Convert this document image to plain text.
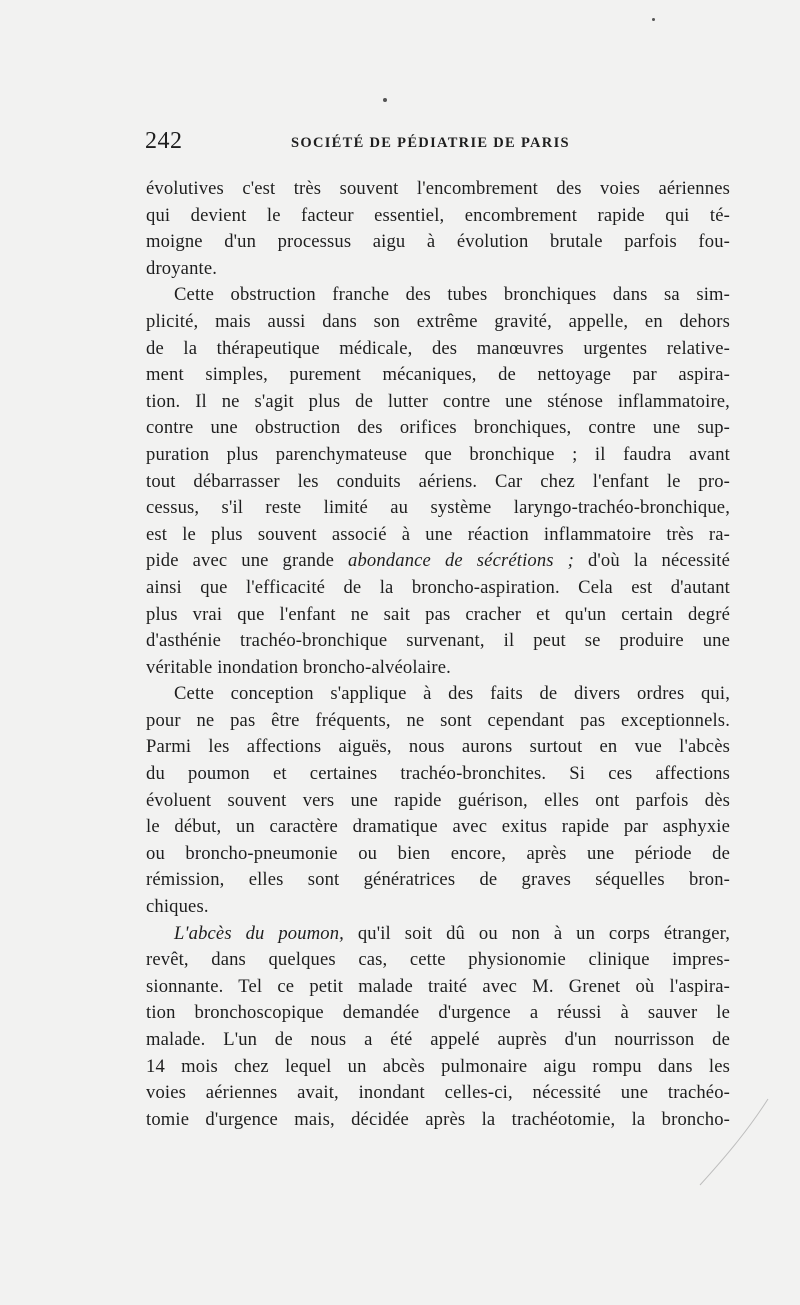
242	SOCIÉTÉ DE PÉDIATRIE DE PARIS
évolutives c'est très souvent l'encombrement des voies aériennes
qui devient le facteur essentiel, encombrement rapide qui té-
moigne d'un processus aigu à évolution brutale parfois fou-
droyante.
Cette obstruction franche des tubes bronchiques dans sa sim-
plicité, mais aussi dans son extrême gravité, appelle, en dehors
de la thérapeutique médicale, des manœuvres urgentes relative-
ment simples, purement mécaniques, de nettoyage par aspira-
tion. Il ne s'agit plus de lutter contre une sténose inflammatoire,
contre une obstruction des orifices bronchiques, contre une sup-
puration plus parenchymateuse que bronchique ; il faudra avant
tout débarrasser les conduits aériens. Car chez l'enfant le pro-
cessus, s'il reste limité au système laryngo-trachéo-bronchique,
est le plus souvent associé à une réaction inflammatoire très ra-
pide avec une grande abondance de sécrétions ; d'où la nécessité
ainsi que l'efficacité de la broncho-aspiration. Cela est d'autant
plus vrai que l'enfant ne sait pas cracher et qu'un certain degré
d'asthénie trachéo-bronchique survenant, il peut se produire une
véritable inondation broncho-alvéolaire.
Cette conception s'applique à des faits de divers ordres qui,
pour ne pas être fréquents, ne sont cependant pas exceptionnels.
Parmi les affections aiguës, nous aurons surtout en vue l'abcès
du poumon et certaines trachéo-bronchites. Si ces affections
évoluent souvent vers une rapide guérison, elles ont parfois dès
le début, un caractère dramatique avec exitus rapide par asphyxie
ou broncho-pneumonie ou bien encore, après une période de
rémission, elles sont génératrices de graves séquelles bron-
chiques.
L'abcès du poumon, qu'il soit dû ou non à un corps étranger,
revêt, dans quelques cas, cette physionomie clinique impres-
sionnante. Tel ce petit malade traité avec M. Grenet où l'aspira-
tion bronchoscopique demandée d'urgence a réussi à sauver le
malade. L'un de nous a été appelé auprès d'un nourrisson de
14 mois chez lequel un abcès pulmonaire aigu rompu dans les
voies aériennes avait, inondant celles-ci, nécessité une trachéo-
tomie d'urgence mais, décidée après la trachéotomie, la broncho-
